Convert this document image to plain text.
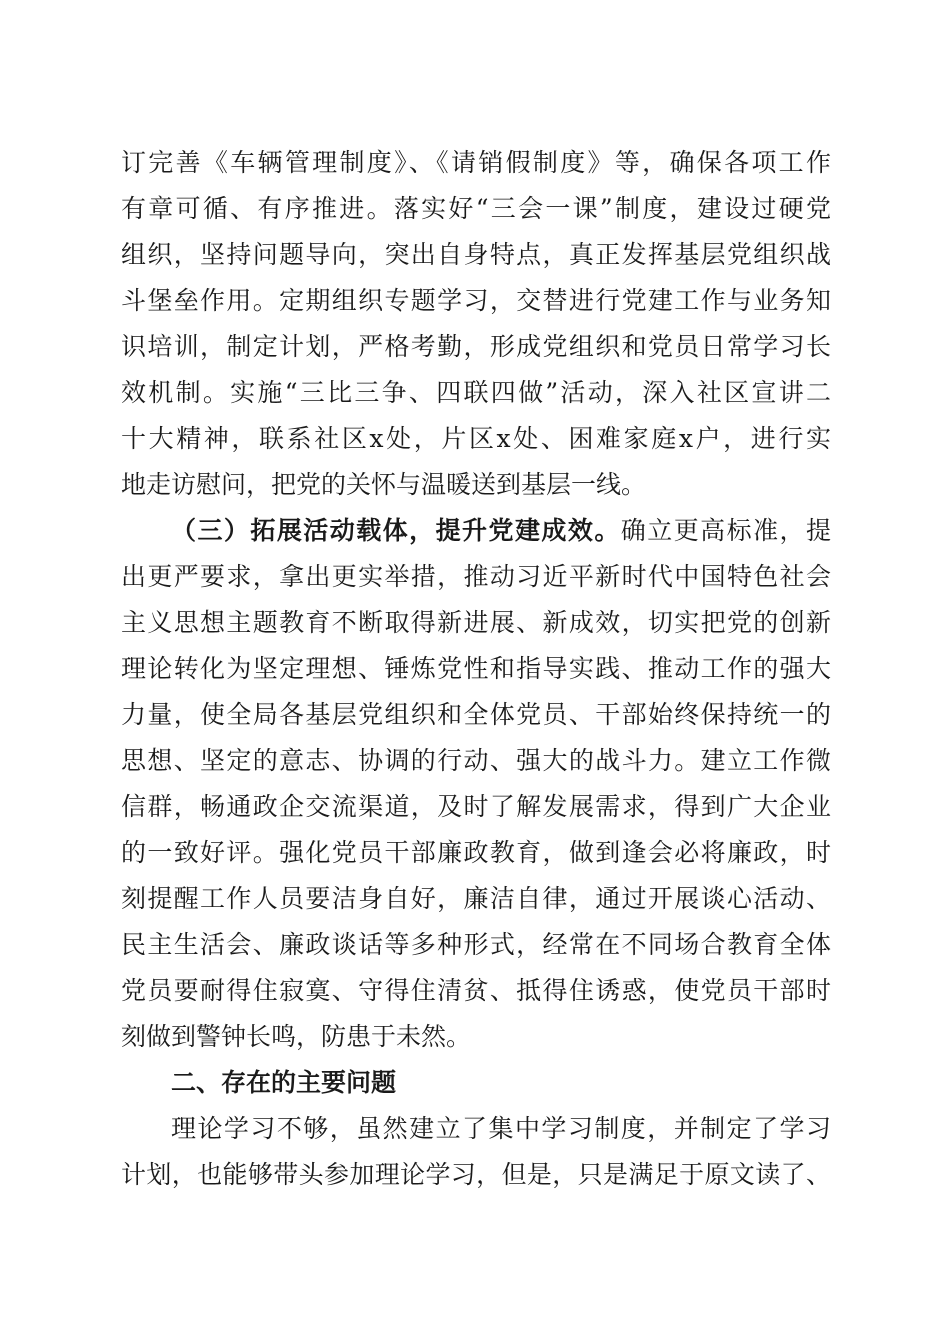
订完善《车辆管理制度》、《请销假制度》等，确保各项工作
有章可循、有序推进。落实好“三会一课”制度，建设过硬党
组织，坚持问题导向，突出自身特点，真正发挥基层党组织战
斗堡垒作用。定期组织专题学习，交替进行党建工作与业务知
识培训，制定计划，严格考勤，形成党组织和党员日常学习长
效机制。实施“三比三争、四联四做”活动，深入社区宣讲二
十大精神，联系社区x处，片区x处、困难家庭x户，进行实
地走访慰问，把党的关怀与温暖送到基层一线。
（三）拓展活动载体，提升党建成效。确立更高标准，提
出更严要求，拿出更实举措，推动习近平新时代中国特色社会
主义思想主题教育不断取得新进展、新成效，切实把党的创新
理论转化为坚定理想、锤炼党性和指导实践、推动工作的强大
力量，使全局各基层党组织和全体党员、干部始终保持统一的
思想、坚定的意志、协调的行动、强大的战斗力。建立工作微
信群，畅通政企交流渠道，及时了解发展需求，得到广大企业
的一致好评。强化党员干部廉政教育，做到逢会必将廉政，时
刻提醒工作人员要洁身自好，廉洁自律，通过开展谈心活动、
民主生活会、廉政谈话等多种形式，经常在不同场合教育全体
党员要耐得住寂寞、守得住清贫、抵得住诱惑，使党员干部时
刻做到警钟长鸣，防患于未然。
二、存在的主要问题
理论学习不够，虽然建立了集中学习制度，并制定了学习
计划，也能够带头参加理论学习，但是，只是满足于原文读了、
